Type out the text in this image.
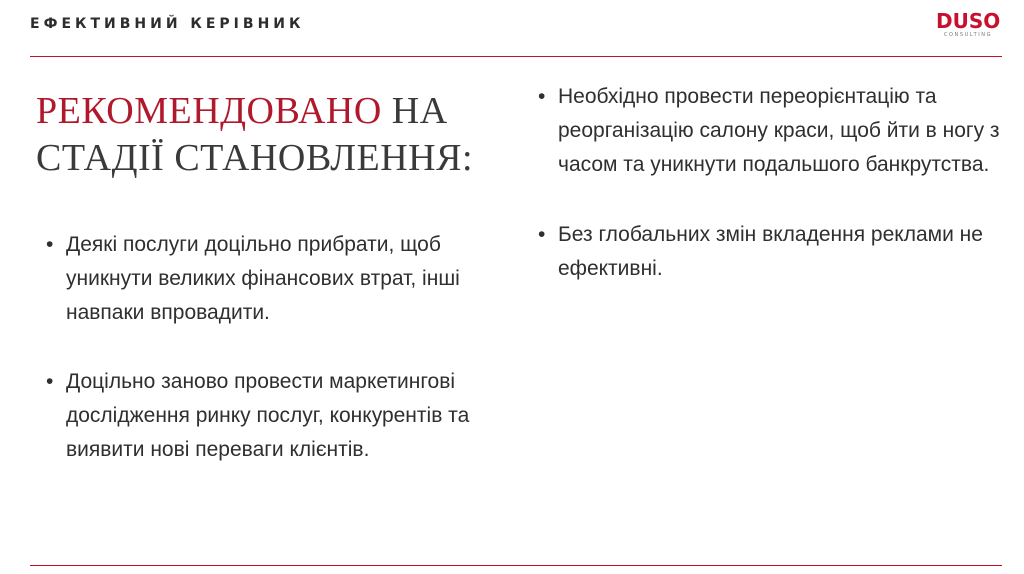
ЕФЕКТИВНИЙ КЕРІВНИК	DUSO
CONSULTING
РЕКОМЕНДОВАНО НА
СТАДІЇ СТАНОВЛЕННЯ:
• Деякі послуги доцільно прибрати, щоб уникнути великих фінансових втрат, інші навпаки впровадити.
• Доцільно заново провести маркетингові дослідження ринку послуг, конкурентів та виявити нові переваги клієнтів.
• Необхідно провести переорієнтацію та реорганізацію салону краси, щоб йти в ногу з часом та уникнути подальшого банкрутства.
• Без глобальних змін вкладення реклами не ефективні.
